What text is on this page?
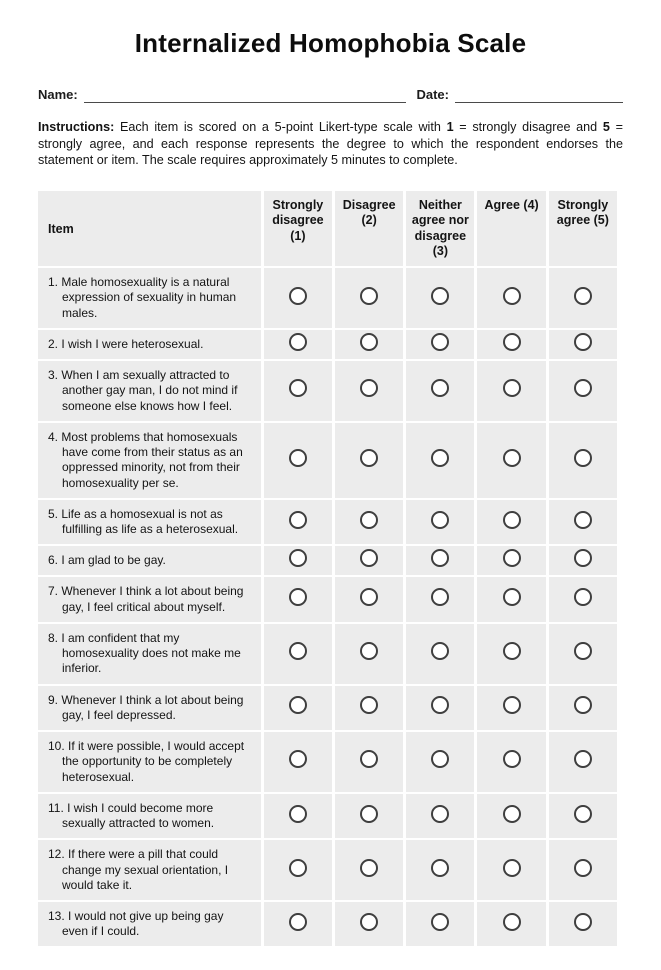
Internalized Homophobia Scale
Name:	Date:

Instructions: Each item is scored on a 5-point Likert-type scale with 1 = strongly disagree and 5 = strongly agree, and each response represents the degree to which the respondent endorses the statement or item. The scale requires approximately 5 minutes to complete.

Item	Strongly disagree (1)	Disagree (2)	Neither agree nor disagree (3)	Agree (4)	Strongly agree (5)
1. Male homosexuality is a natural expression of sexuality in human males.					
2. I wish I were heterosexual.					
3. When I am sexually attracted to another gay man, I do not mind if someone else knows how I feel.					
4. Most problems that homosexuals have come from their status as an oppressed minority, not from their homosexuality per se.					
5. Life as a homosexual is not as fulfilling as life as a heterosexual.					
6. I am glad to be gay.					
7. Whenever I think a lot about being gay, I feel critical about myself.					
8. I am confident that my homosexuality does not make me inferior.					
9. Whenever I think a lot about being gay, I feel depressed.					
10. If it were possible, I would accept the opportunity to be completely heterosexual.					
11. I wish I could become more sexually attracted to women.					
12. If there were a pill that could change my sexual orientation, I would take it.					
13. I would not give up being gay even if I could.					
